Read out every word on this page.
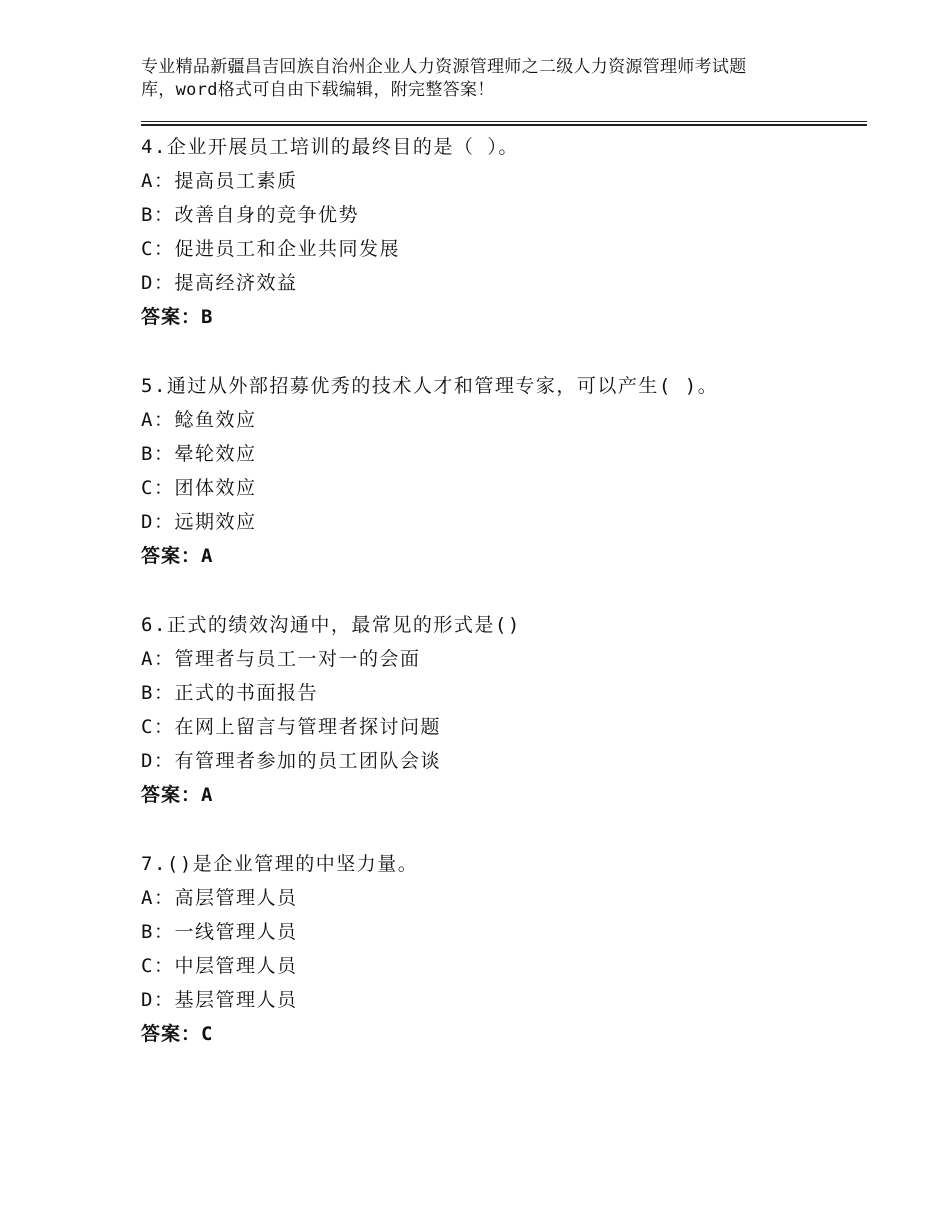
专业精品新疆昌吉回族自治州企业人力资源管理师之二级人力资源管理师考试题
库，word格式可自由下载编辑，附完整答案！
4.企业开展员工培训的最终目的是（ ）。
A：提高员工素质
B：改善自身的竞争优势
C：促进员工和企业共同发展
D：提高经济效益
答案：B
5.通过从外部招募优秀的技术人才和管理专家，可以产生( )。
A：鲶鱼效应
B：晕轮效应
C：团体效应
D：远期效应
答案：A
6.正式的绩效沟通中，最常见的形式是()
A：管理者与员工一对一的会面
B：正式的书面报告
C：在网上留言与管理者探讨问题
D：有管理者参加的员工团队会谈
答案：A
7.()是企业管理的中坚力量。
A：高层管理人员
B：一线管理人员
C：中层管理人员
D：基层管理人员
答案：C
